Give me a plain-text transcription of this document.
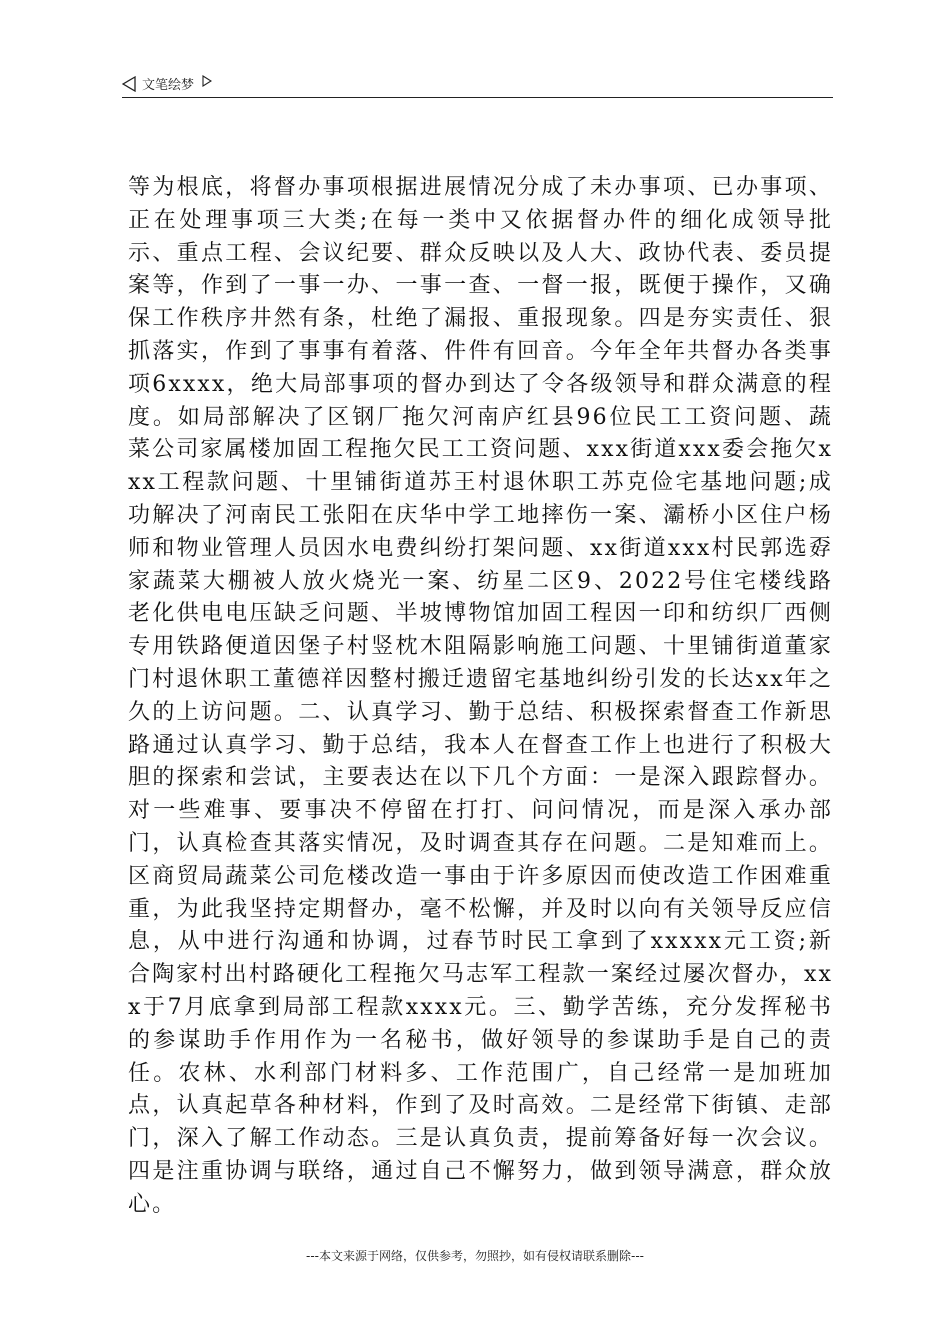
文笔绘梦

等为根底，将督办事项根据进展情况分成了未办事项、已办事项、正在处理事项三大类;在每一类中又依据督办件的细化成领导批示、重点工程、会议纪要、群众反映以及人大、政协代表、委员提案等，作到了一事一办、一事一查、一督一报，既便于操作，又确保工作秩序井然有条，杜绝了漏报、重报现象。四是夯实责任、狠抓落实，作到了事事有着落、件件有回音。今年全年共督办各类事项6xxxx，绝大局部事项的督办到达了令各级领导和群众满意的程度。如局部解决了区钢厂拖欠河南庐红县96位民工工资问题、蔬菜公司家属楼加固工程拖欠民工工资问题、xxx街道xxx委会拖欠xxx工程款问题、十里铺街道苏王村退休职工苏克俭宅基地问题;成功解决了河南民工张阳在庆华中学工地摔伤一案、灞桥小区住户杨师和物业管理人员因水电费纠纷打架问题、xx街道xxx村民郭选孬家蔬菜大棚被人放火烧光一案、纺星二区9、2022号住宅楼线路老化供电电压缺乏问题、半坡博物馆加固工程因一印和纺织厂西侧专用铁路便道因堡子村竖枕木阻隔影响施工问题、十里铺街道董家门村退休职工董德祥因整村搬迁遗留宅基地纠纷引发的长达xx年之久的上访问题。二、认真学习、勤于总结、积极探索督查工作新思路通过认真学习、勤于总结，我本人在督查工作上也进行了积极大胆的探索和尝试，主要表达在以下几个方面：一是深入跟踪督办。对一些难事、要事决不停留在打打、问问情况，而是深入承办部门，认真检查其落实情况，及时调查其存在问题。二是知难而上。区商贸局蔬菜公司危楼改造一事由于许多原因而使改造工作困难重重，为此我坚持定期督办，毫不松懈，并及时以向有关领导反应信息，从中进行沟通和协调，过春节时民工拿到了xxxxx元工资;新合陶家村出村路硬化工程拖欠马志军工程款一案经过屡次督办，xxx于7月底拿到局部工程款xxxx元。三、勤学苦练，充分发挥秘书的参谋助手作用作为一名秘书，做好领导的参谋助手是自己的责任。农林、水利部门材料多、工作范围广，自己经常一是加班加点，认真起草各种材料，作到了及时高效。二是经常下街镇、走部门，深入了解工作动态。三是认真负责，提前筹备好每一次会议。四是注重协调与联络，通过自己不懈努力，做到领导满意，群众放心。

---本文来源于网络，仅供参考，勿照抄，如有侵权请联系删除---
